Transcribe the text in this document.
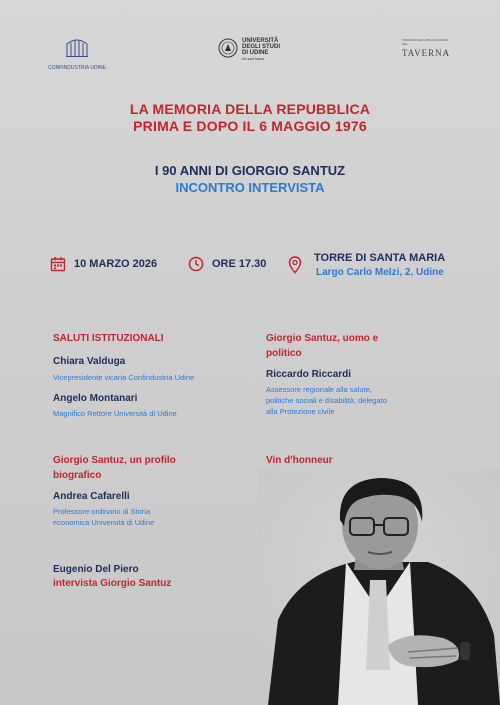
CONFINDUSTRIA UDINE
UNIVERSITÀ
DEGLI STUDI
DI UDINE
hic sunt futura
FONDAZIONE ANTICA LOCANDA DEL
TAVERNA
LA MEMORIA DELLA REPUBBLICA
PRIMA E DOPO IL 6 MAGGIO 1976
I 90 ANNI DI GIORGIO SANTUZ
INCONTRO INTERVISTA
10 MARZO 2026	ORE 17.30	TORRE DI SANTA MARIA
Largo Carlo Melzi, 2, Udine
SALUTI ISTITUZIONALI
Chiara Valduga
Vicepresidente vicaria Confindustria Udine
Angelo Montanari
Magnifico Rettore Università di Udine
Giorgio Santuz, un profilo
biografico
Andrea Cafarelli
Professore ordinario di Storia
economica Università di Udine
Eugenio Del Piero
intervista Giorgio Santuz
Giorgio Santuz, uomo e
politico
Riccardo Riccardi
Assessore regionale alla salute,
politiche sociali e disabilità, delegato
alla Protezione civile
Vin d'honneur
